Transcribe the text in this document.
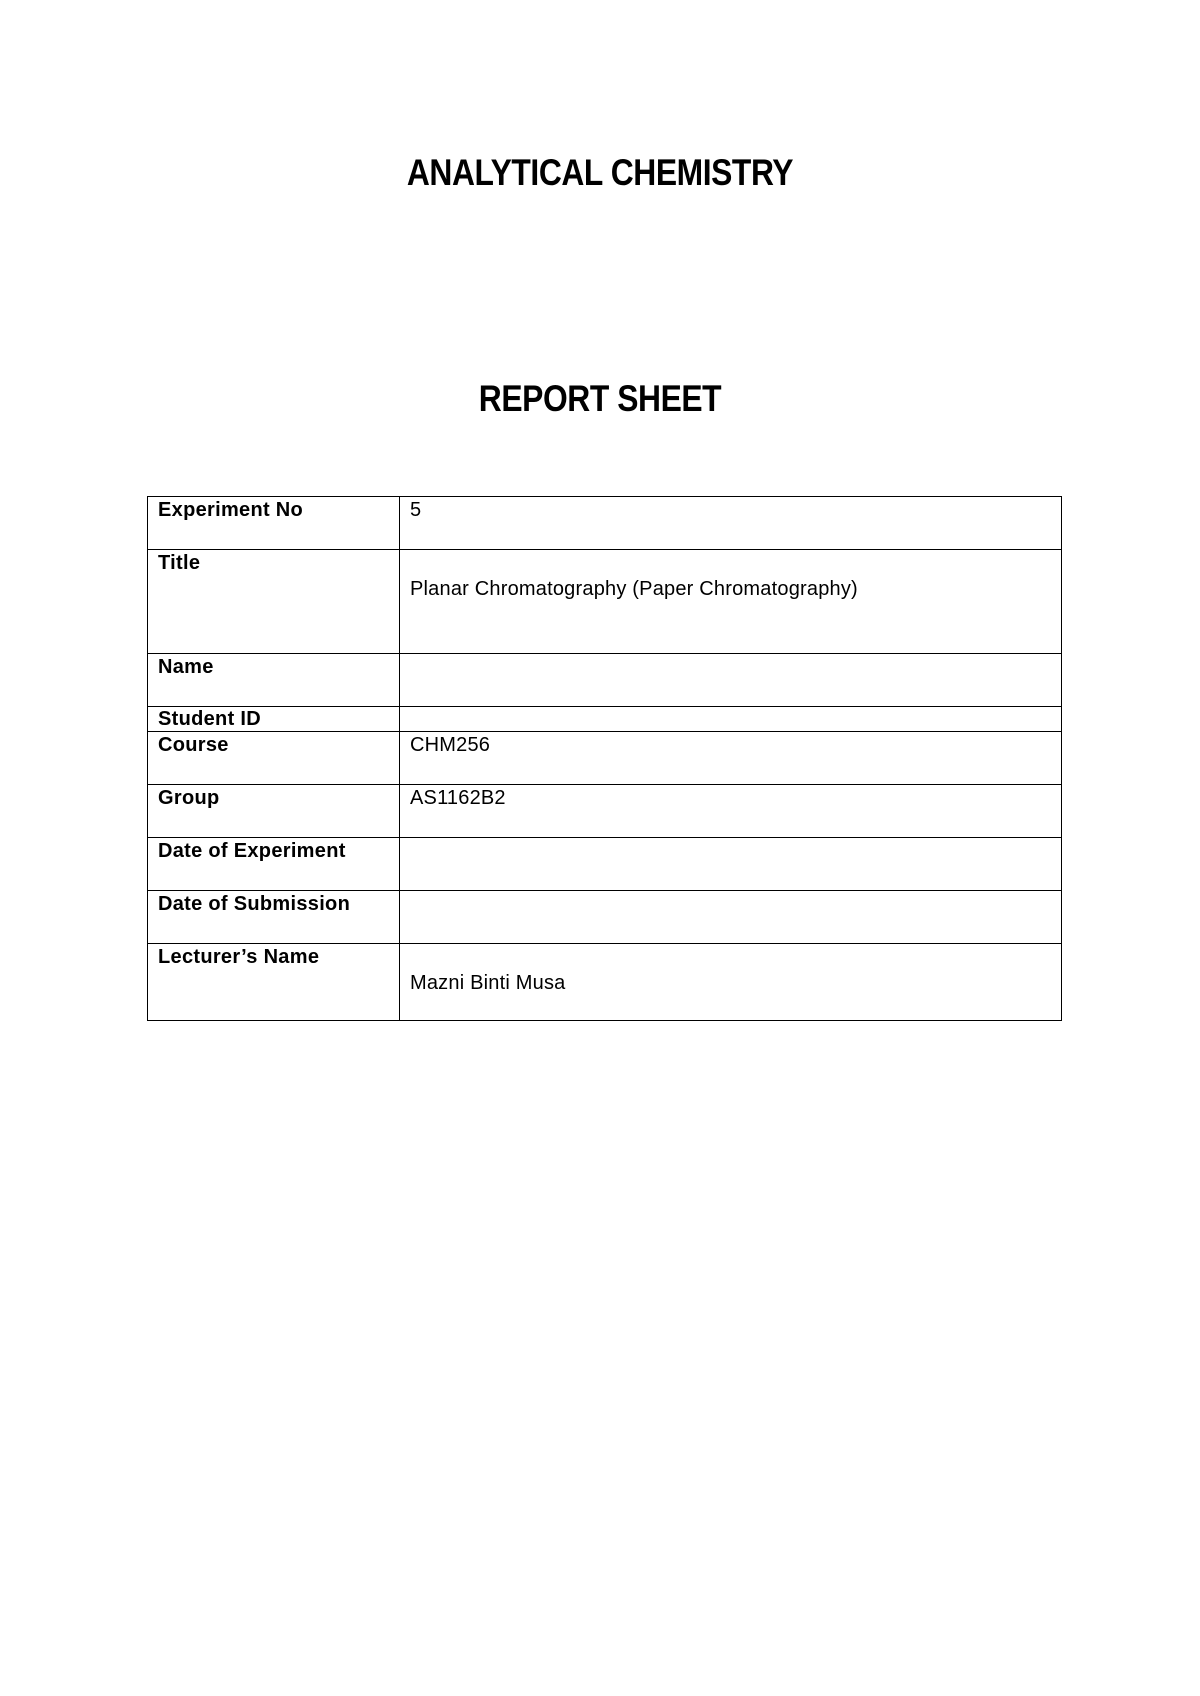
ANALYTICAL CHEMISTRY
REPORT SHEET
Experiment No	5

Title	Planar Chromatography (Paper Chromatography)

Name	

Student ID	

Course	CHM256

Group	AS1162B2

Date of Experiment	

Date of Submission	

Lecturer’s Name	Mazni Binti Musa
